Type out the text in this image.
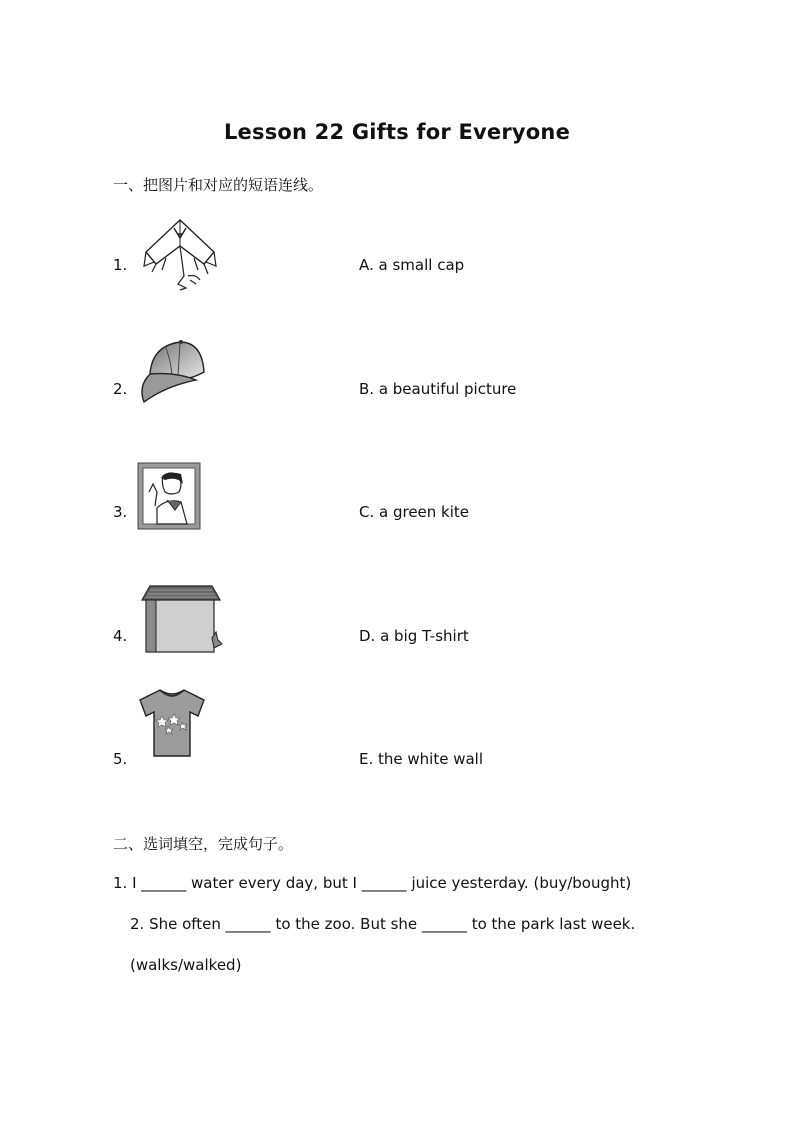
Lesson 22 Gifts for Everyone
一、把图片和对应的短语连线。
1.	A. a small cap
2.	B. a beautiful picture
3.	C. a green kite
4.	D. a big T-shirt
5.	E. the white wall
二、选词填空，完成句子。
1. I ______ water every day, but I ______ juice yesterday. (buy/bought)
2. She often ______ to the zoo. But she ______ to the park last week.
(walks/walked)
